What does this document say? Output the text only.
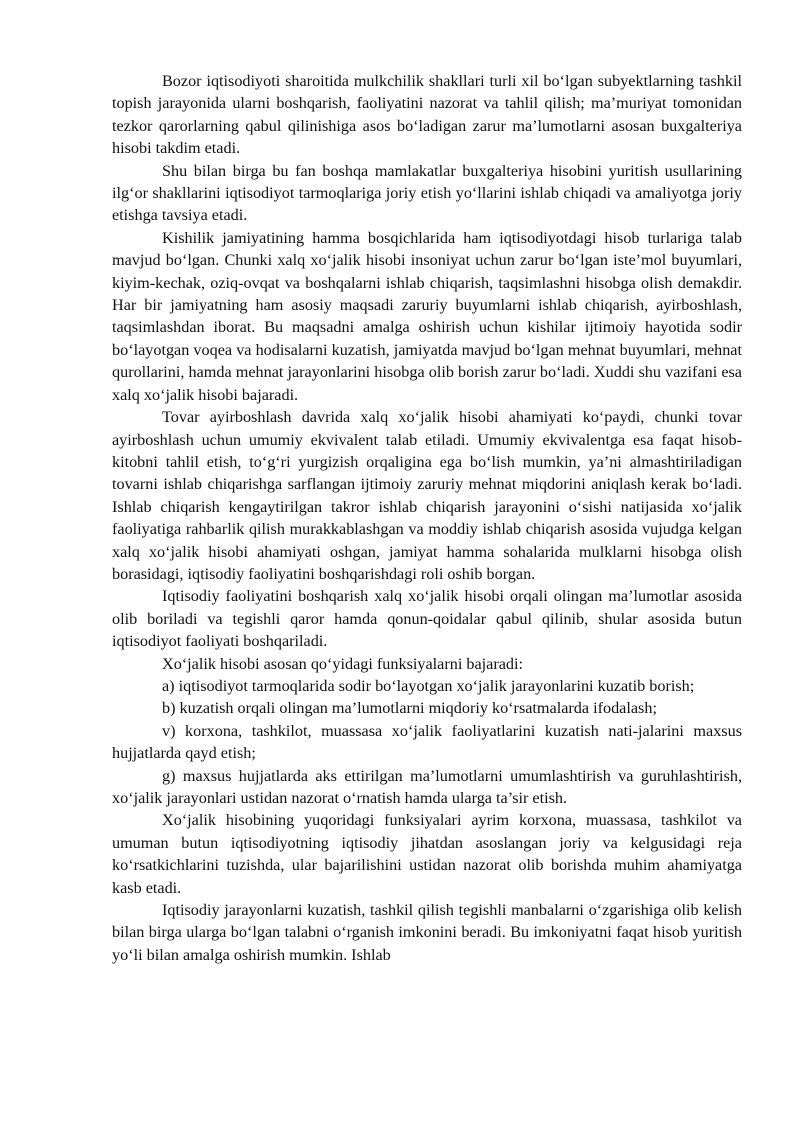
Bozor iqtisodiyoti sharoitida mulkchilik shakllari turli xil bo‘lgan subyektlarning tashkil topish jarayonida ularni boshqarish, faoliyatini nazorat va tahlil qilish; ma’muriyat tomonidan tezkor qarorlarning qabul qilinishiga asos bo‘ladigan zarur ma’lumotlarni asosan buxgalteriya hisobi takdim etadi.

Shu bilan birga bu fan boshqa mamlakatlar buxgalteriya hisobini yuritish usullarining ilg‘or shakllarini iqtisodiyot tarmoqlariga joriy etish yo‘llarini ishlab chiqadi va amaliyotga joriy etishga tavsiya etadi.

Kishilik jamiyatining hamma bosqichlarida ham iqtisodiyotdagi hisob turlariga talab mavjud bo‘lgan. Chunki xalq xo‘jalik hisobi insoniyat uchun zarur bo‘lgan iste’mol buyumlari, kiyim-kechak, oziq-ovqat va boshqalarni ishlab chiqarish, taqsimlashni hisobga olish demakdir. Har bir jamiyatning ham asosiy maqsadi zaruriy buyumlarni ishlab chiqarish, ayirboshlash, taqsimlashdan iborat. Bu maqsadni amalga oshirish uchun kishilar ijtimoiy hayotida sodir bo‘layotgan voqea va hodisalarni kuzatish, jamiyatda mavjud bo‘lgan mehnat buyumlari, mehnat qurollarini, hamda mehnat jarayonlarini hisobga olib borish zarur bo‘ladi. Xuddi shu vazifani esa xalq xo‘jalik hisobi bajaradi.

Tovar ayirboshlash davrida xalq xo‘jalik hisobi ahamiyati ko‘paydi, chunki tovar ayirboshlash uchun umumiy ekvivalent talab etiladi. Umumiy ekvivalentga esa faqat hisob-kitobni tahlil etish, to‘g‘ri yurgizish orqaligina ega bo‘lish mumkin, ya’ni almashtiriladigan tovarni ishlab chiqarishga sarflangan ijtimoiy zaruriy mehnat miqdorini aniqlash kerak bo‘ladi. Ishlab chiqarish kengaytirilgan takror ishlab chiqarish jarayonini o‘sishi natijasida xo‘jalik faoliyatiga rahbarlik qilish murakkablashgan va moddiy ishlab chiqarish asosida vujudga kelgan xalq xo‘jalik hisobi ahamiyati oshgan, jamiyat hamma sohalarida mulklarni hisobga olish borasidagi, iqtisodiy faoliyatini boshqarishdagi roli oshib borgan.

Iqtisodiy faoliyatini boshqarish xalq xo‘jalik hisobi orqali olingan ma’lumotlar asosida olib boriladi va tegishli qaror hamda qonun-qoidalar qabul qilinib, shular asosida butun iqtisodiyot faoliyati boshqariladi.

Xo‘jalik hisobi asosan qo‘yidagi funksiyalarni bajaradi:

a) iqtisodiyot tarmoqlarida sodir bo‘layotgan xo‘jalik jarayonlarini kuzatib borish;

b) kuzatish orqali olingan ma’lumotlarni miqdoriy ko‘rsatmalarda ifodalash;

v) korxona, tashkilot, muassasa xo‘jalik faoliyatlarini kuzatish nati-jalarini maxsus hujjatlarda qayd etish;

g) maxsus hujjatlarda aks ettirilgan ma’lumotlarni umumlashtirish va guruhlashtirish, xo‘jalik jarayonlari ustidan nazorat o‘rnatish hamda ularga ta’sir etish.

Xo‘jalik hisobining yuqoridagi funksiyalari ayrim korxona, muassasa, tashkilot va umuman butun iqtisodiyotning iqtisodiy jihatdan asoslangan joriy va kelgusidagi reja ko‘rsatkichlarini tuzishda, ular bajarilishini ustidan nazorat olib borishda muhim ahamiyatga kasb etadi.

Iqtisodiy jarayonlarni kuzatish, tashkil qilish tegishli manbalarni o‘zgarishiga olib kelish bilan birga ularga bo‘lgan talabni o‘rganish imkonini beradi. Bu imkoniyatni faqat hisob yuritish yo‘li bilan amalga oshirish mumkin. Ishlab
